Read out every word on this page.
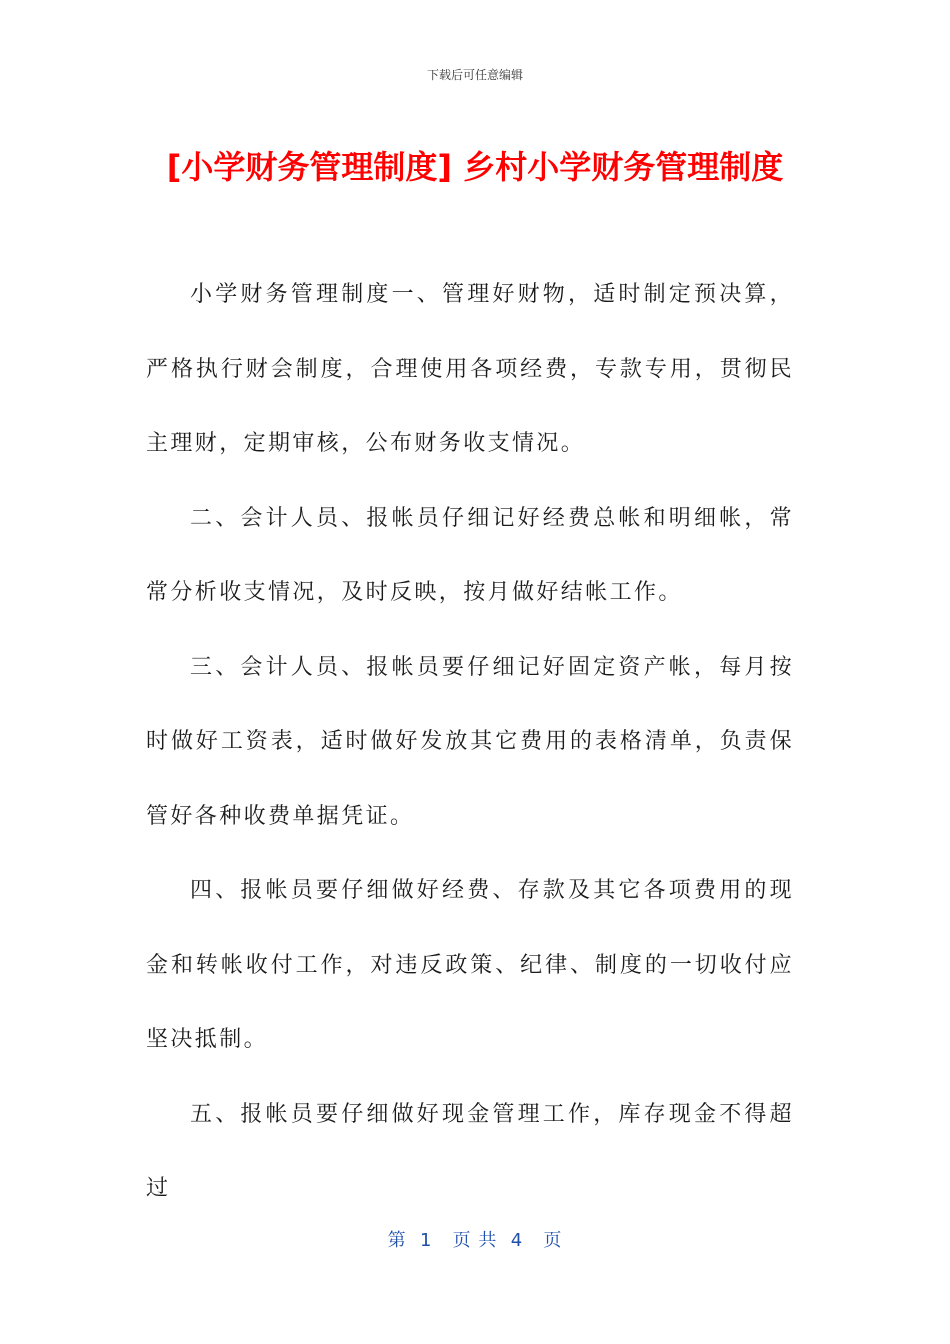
下载后可任意编辑
[小学财务管理制度] 乡村小学财务管理制度

小学财务管理制度一、管理好财物，适时制定预决算，严格执行财会制度，合理使用各项经费，专款专用，贯彻民主理财，定期审核，公布财务收支情况。

二、会计人员、报帐员仔细记好经费总帐和明细帐，常常分析收支情况，及时反映，按月做好结帐工作。

三、会计人员、报帐员要仔细记好固定资产帐，每月按时做好工资表，适时做好发放其它费用的表格清单，负责保管好各种收费单据凭证。

四、报帐员要仔细做好经费、存款及其它各项费用的现金和转帐收付工作，对违反政策、纪律、制度的一切收付应坚决抵制。

五、报帐员要仔细做好现金管理工作，库存现金不得超过

第  1   页 共  4   页
